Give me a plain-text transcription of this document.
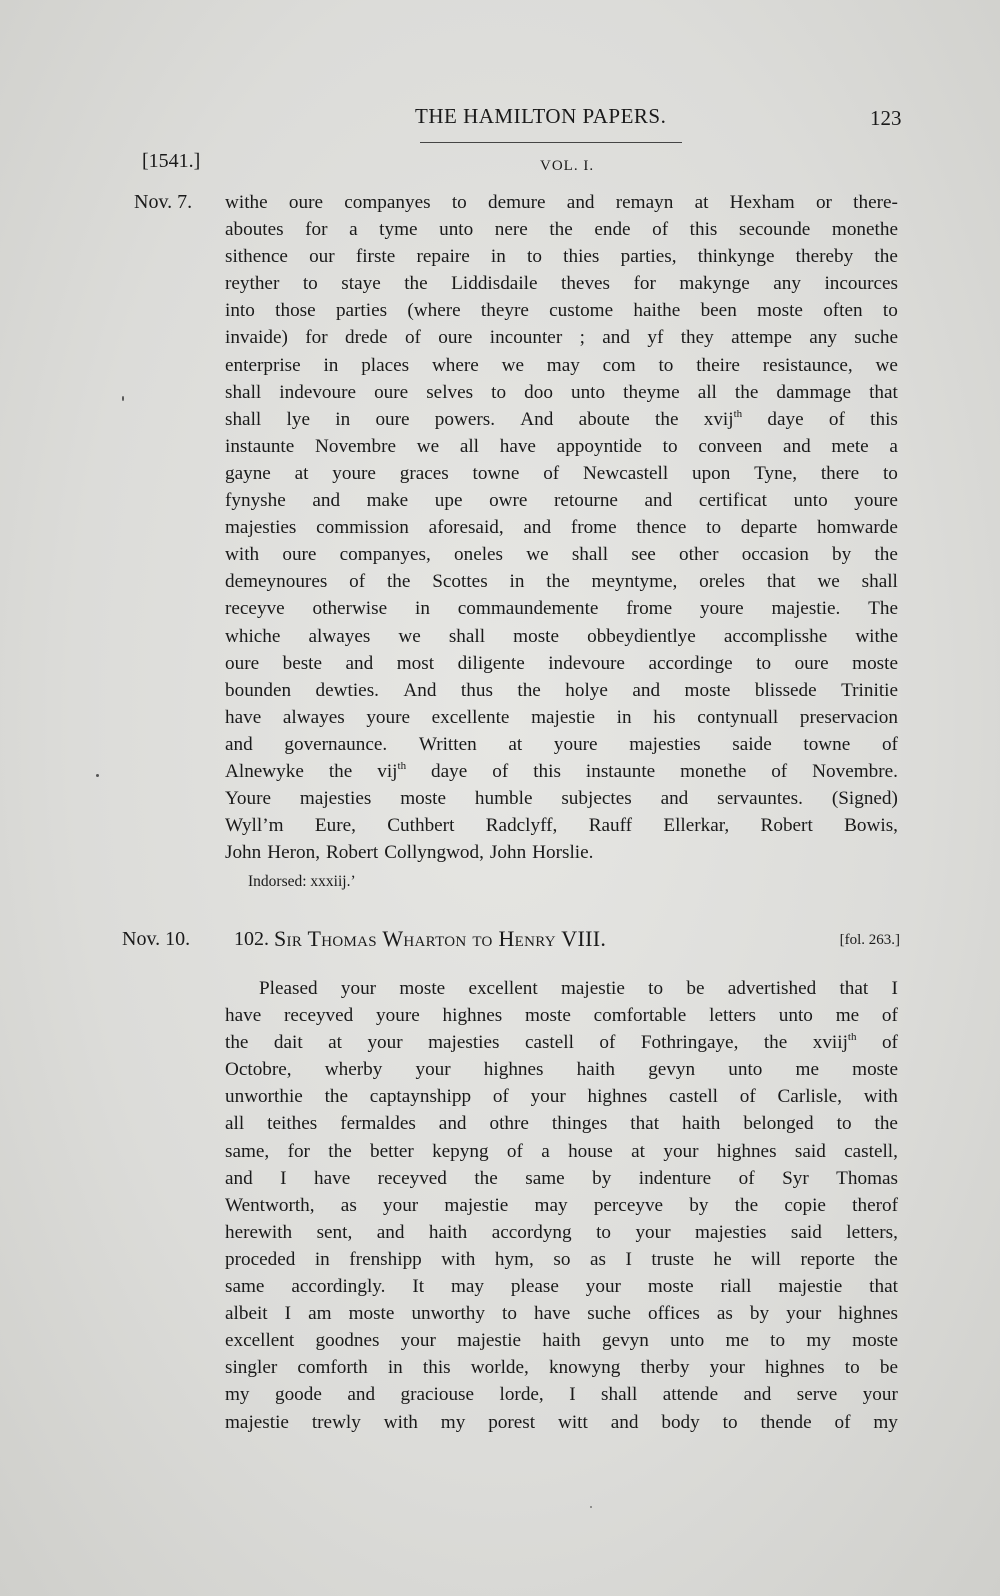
THE HAMILTON PAPERS.	123
[1541.]	VOL. I.
Nov. 7. withe oure companyes to demure and remayn at Hexham or there-
aboutes for a tyme unto nere the ende of this secounde monethe
sithence our firste repaire in to thies parties, thinkynge thereby the
reyther to staye the Liddisdaile theves for makynge any incources
into those parties (where theyre custome haithe been moste often to
invaide) for drede of oure incounter ; and yf they attempe any suche
enterprise in places where we may com to theire resistaunce, we
shall indevoure oure selves to doo unto theyme all the dammage that
shall lye in oure powers. And aboute the xvij$^{th}$ daye of this
instaunte Novembre we all have appoyntide to conveen and mete a
gayne at youre graces towne of Newcastell upon Tyne, there to
fynyshe and make upe owre retourne and certificat unto youre
majesties commission aforesaid, and frome thence to departe homwarde
with oure companyes, oneles we shall see other occasion by the
demeynoures of the Scottes in the meyntyme, oreles that we shall
receyve otherwise in commaundemente frome youre majestie. The
whiche alwayes we shall moste obbeydientlye accomplisshe withe
oure beste and most diligente indevoure accordinge to oure moste
bounden dewties. And thus the holye and moste blissede Trinitie
have alwayes youre excellente majestie in his contynuall preservacion
and governaunce. Written at youre majesties saide towne of
Alnewyke the vij$^{th}$ daye of this instaunte monethe of Novembre.
Youre majesties moste humble subjectes and servauntes. (Signed)
Wyll’m Eure, Cuthbert Radclyff, Rauff Ellerkar, Robert Bowis,
John Heron, Robert Collyngwod, John Horslie.
Indorsed: xxxiij.’
Nov. 10. 102. Sir Thomas Wharton to Henry VIII.	[fol. 263.]
Pleased your moste excellent majestie to be advertished that I
have receyved youre highnes moste comfortable letters unto me of
the dait at your majesties castell of Fothringaye, the xviij$^{th}$ of
Octobre, wherby your highnes haith gevyn unto me moste
unworthie the captaynshipp of your highnes castell of Carlisle, with
all teithes fermaldes and othre thinges that haith belonged to the
same, for the better kepyng of a house at your highnes said castell,
and I have receyved the same by indenture of Syr Thomas
Wentworth, as your majestie may perceyve by the copie therof
herewith sent, and haith accordyng to your majesties said letters,
proceded in frenshipp with hym, so as I truste he will reporte the
same accordingly. It may please your moste riall majestie that
albeit I am moste unworthy to have suche offices as by your highnes
excellent goodnes your majestie haith gevyn unto me to my moste
singler comforth in this worlde, knowyng therby your highnes to be
my goode and graciouse lorde, I shall attende and serve your
majestie trewly with my porest witt and body to thende of my
